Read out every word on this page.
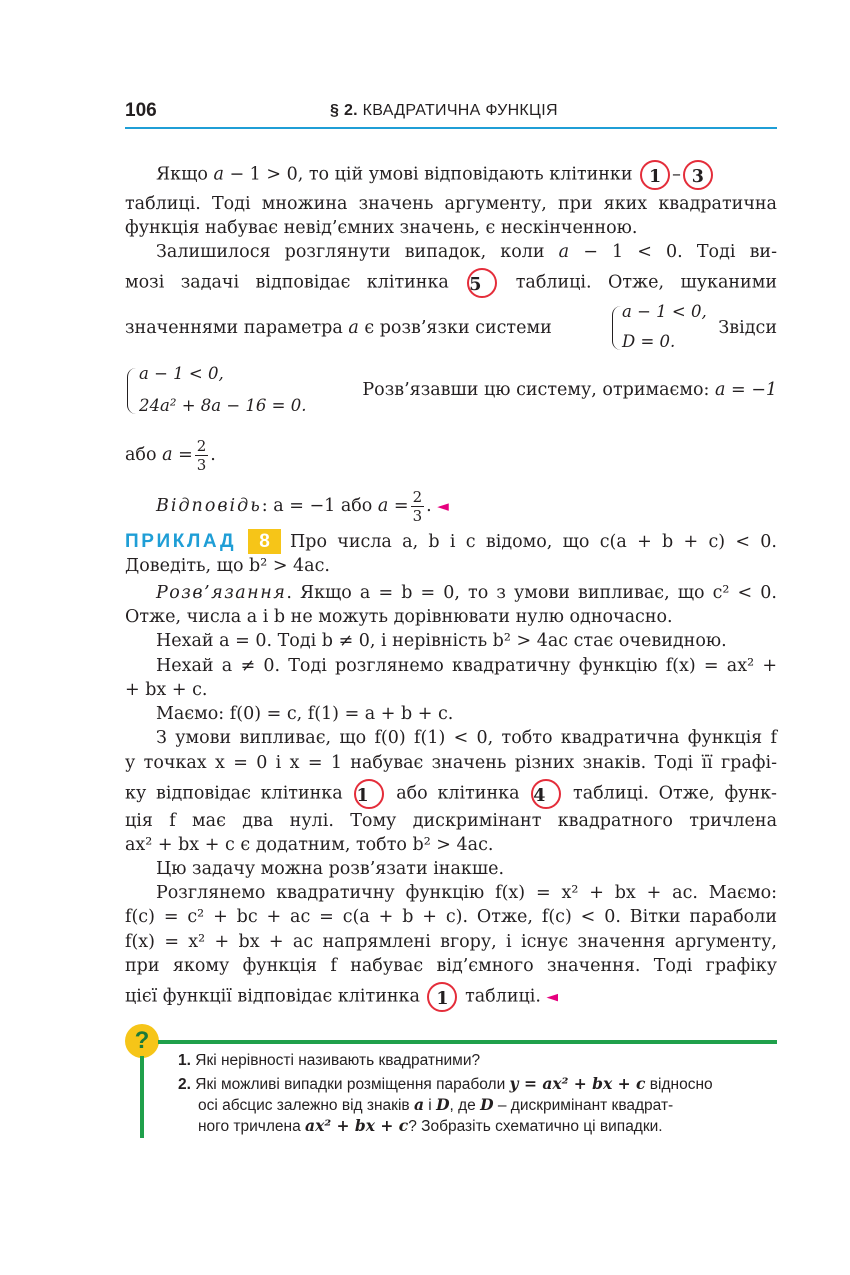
106	§ 2. КВАДРАТИЧНА ФУНКЦІЯ
Якщо a − 1 > 0, то цій умові відповідають клітинки 1 – 3
таблиці. Тоді множина значень аргументу, при яких квадратична
функція набуває невід’ємних значень, є нескінченною.
Залишилося розглянути випадок, коли a − 1 < 0. Тоді ви-
мозі задачі відповідає клітинка 5 таблиці. Отже, шуканими
значеннями параметра a є розв’язки системи
a − 1 < 0,
D = 0.
Звідси
a − 1 < 0,
24a² + 8a − 16 = 0.
Розв’язавши цю систему, отримаємо: a = −1
або $a = \frac{2}{3}$ .
Відповідь: a = −1 або $a = \frac{2}{3}$ . ◄
ПРИКЛАД	8	Про числа a, b і c відомо, що c(a + b + c) < 0.
Доведіть, що b² > 4ac.
Розв’язання. Якщо a = b = 0, то з умови випливає, що c² < 0.
Отже, числа a і b не можуть дорівнювати нулю одночасно.
Нехай a = 0. Тоді b ≠ 0, і нерівність b² > 4ac стає очевидною.
Нехай a ≠ 0. Тоді розглянемо квадратичну функцію f(x) = ax² +
+ bx + c.
Маємо: f(0) = c, f(1) = a + b + c.
З умови випливає, що f(0) f(1) < 0, тобто квадратична функція f
у точках x = 0 і x = 1 набуває значень різних знаків. Тоді її графі-
ку відповідає клітинка 1 або клітинка 4 таблиці. Отже, функ-
ція f має два нулі. Тому дискримінант квадратного тричлена
ax² + bx + c є додатним, тобто b² > 4ac.
Цю задачу можна розв’язати інакше.
Розглянемо квадратичну функцію f(x) = x² + bx + ac. Маємо:
f(c) = c² + bc + ac = c(a + b + c). Отже, f(c) < 0. Вітки параболи
f(x) = x² + bx + ac напрямлені вгору, і існує значення аргументу,
при якому функція f набуває від’ємного значення. Тоді графіку
цієї функції відповідає клітинка 1 таблиці. ◄
?
1. Які нерівності називають квадратними?
2. Які можливі випадки розміщення параболи y = ax² + bx + c відносно
осі абсцис залежно від знаків a і D, де D – дискримінант квадрат-
ного тричлена ax² + bx + c? Зобразіть схематично ці випадки.
